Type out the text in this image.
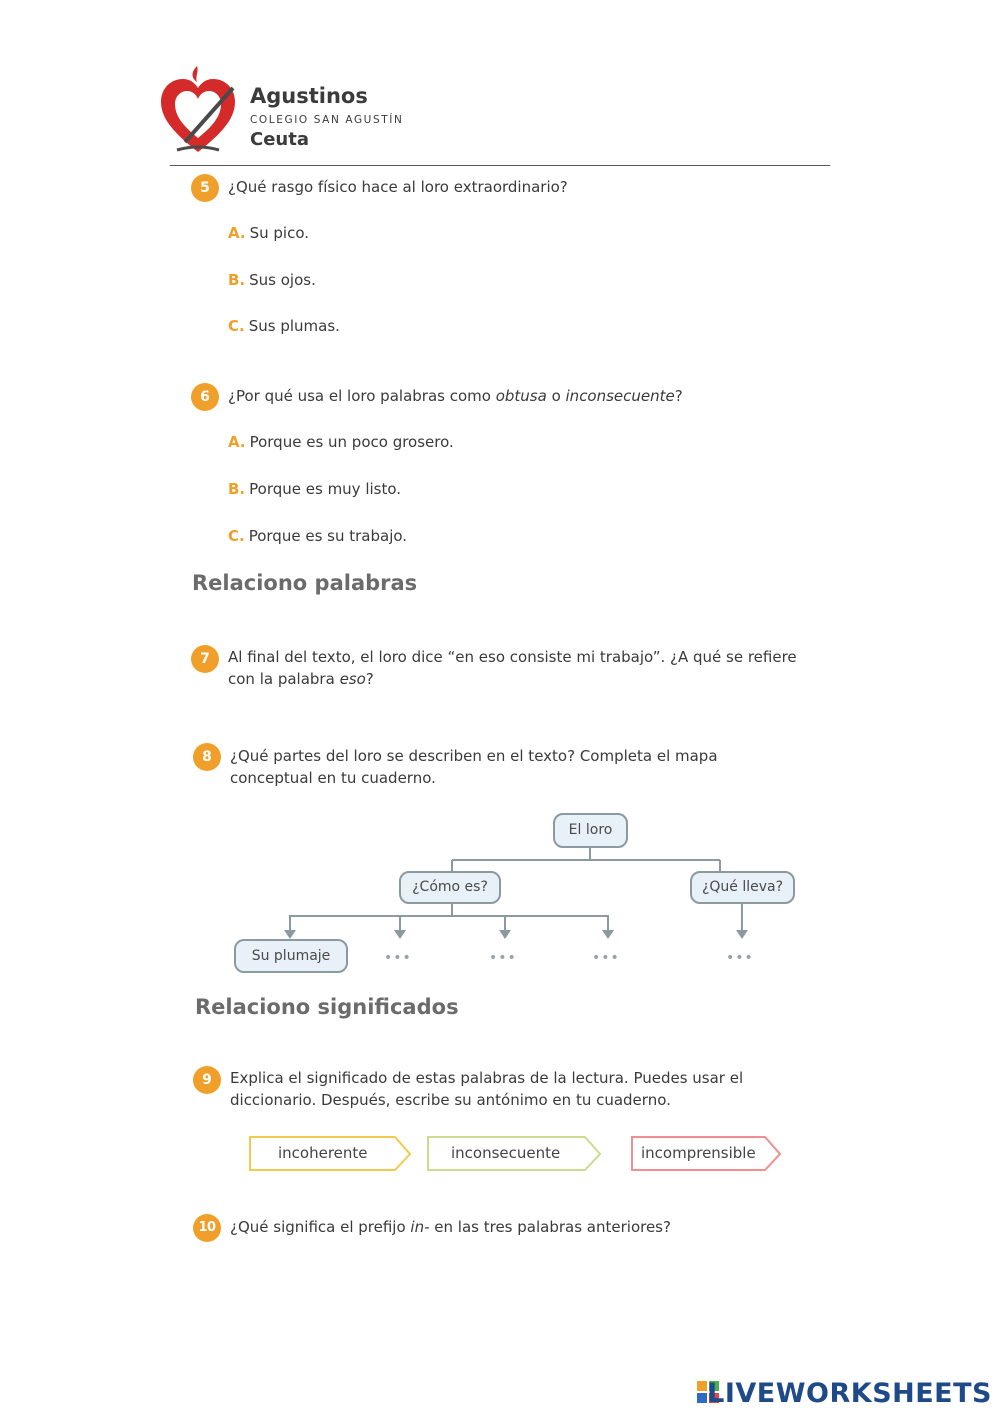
Agustinos
COLEGIO SAN AGUSTÍN
Ceuta
5	¿Qué rasgo físico hace al loro extraordinario?
A. Su pico.
B. Sus ojos.
C. Sus plumas.
6	¿Por qué usa el loro palabras como obtusa o inconsecuente?
A. Porque es un poco grosero.
B. Porque es muy listo.
C. Porque es su trabajo.
Relaciono palabras
7	Al final del texto, el loro dice “en eso consiste mi trabajo”. ¿A qué se refiere
con la palabra eso?
8	¿Qué partes del loro se describen en el texto? Completa el mapa
conceptual en tu cuaderno.
El loro
¿Cómo es?	¿Qué lleva?
Su plumaje	•••	•••	•••	•••
Relaciono significados
9	Explica el significado de estas palabras de la lectura. Puedes usar el
diccionario. Después, escribe su antónimo en tu cuaderno.
incoherente	inconsecuente	incomprensible
10 ¿Qué significa el prefijo in- en las tres palabras anteriores?
LIVEWORKSHEETS
